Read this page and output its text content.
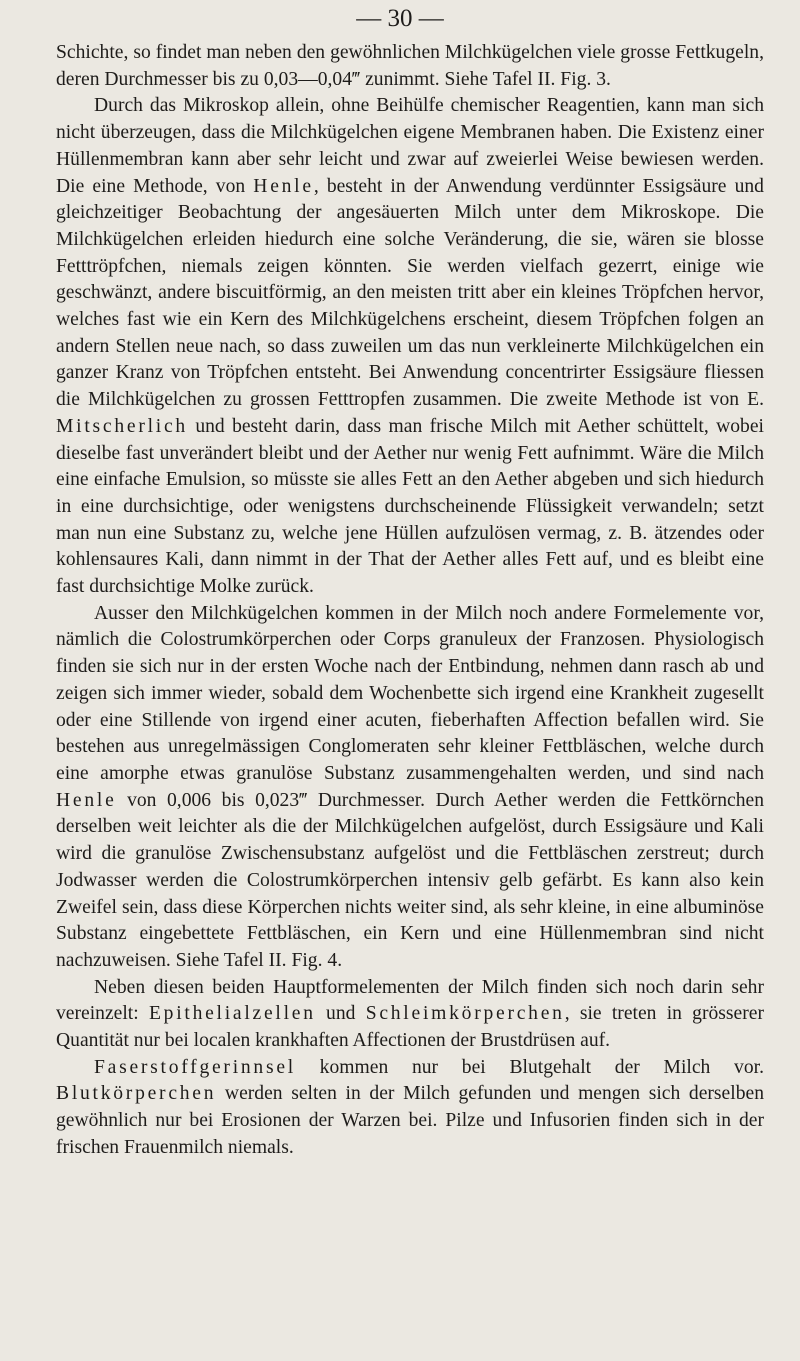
— 30 —

Schichte, so findet man neben den gewöhnlichen Milchkügelchen viele grosse Fettkugeln, deren Durchmesser bis zu 0,03—0,04‴ zunimmt. Siehe Tafel II. Fig. 3.

Durch das Mikroskop allein, ohne Beihülfe chemischer Reagentien, kann man sich nicht überzeugen, dass die Milchkügelchen eigene Membranen haben. Die Existenz einer Hüllenmembran kann aber sehr leicht und zwar auf zweierlei Weise bewiesen werden. Die eine Methode, von Henle, besteht in der Anwendung verdünnter Essigsäure und gleichzeitiger Beobachtung der angesäuerten Milch unter dem Mikroskope. Die Milchkügelchen erleiden hiedurch eine solche Veränderung, die sie, wären sie blosse Fetttröpfchen, niemals zeigen könnten. Sie werden vielfach gezerrt, einige wie geschwänzt, andere biscuitförmig, an den meisten tritt aber ein kleines Tröpfchen hervor, welches fast wie ein Kern des Milchkügelchens erscheint, diesem Tröpfchen folgen an andern Stellen neue nach, so dass zuweilen um das nun verkleinerte Milchkügelchen ein ganzer Kranz von Tröpfchen entsteht. Bei Anwendung concentrirter Essigsäure fliessen die Milchkügelchen zu grossen Fetttropfen zusammen. Die zweite Methode ist von E. Mitscherlich und besteht darin, dass man frische Milch mit Aether schüttelt, wobei dieselbe fast unverändert bleibt und der Aether nur wenig Fett aufnimmt. Wäre die Milch eine einfache Emulsion, so müsste sie alles Fett an den Aether abgeben und sich hiedurch in eine durchsichtige, oder wenigstens durchscheinende Flüssigkeit verwandeln; setzt man nun eine Substanz zu, welche jene Hüllen aufzulösen vermag, z. B. ätzendes oder kohlensaures Kali, dann nimmt in der That der Aether alles Fett auf, und es bleibt eine fast durchsichtige Molke zurück.

Ausser den Milchkügelchen kommen in der Milch noch andere Formelemente vor, nämlich die Colostrumkörperchen oder Corps granuleux der Franzosen. Physiologisch finden sie sich nur in der ersten Woche nach der Entbindung, nehmen dann rasch ab und zeigen sich immer wieder, sobald dem Wochenbette sich irgend eine Krankheit zugesellt oder eine Stillende von irgend einer acuten, fieberhaften Affection befallen wird. Sie bestehen aus unregelmässigen Conglomeraten sehr kleiner Fettbläschen, welche durch eine amorphe etwas granulöse Substanz zusammengehalten werden, und sind nach Henle von 0,006 bis 0,023‴ Durchmesser. Durch Aether werden die Fettkörnchen derselben weit leichter als die der Milchkügelchen aufgelöst, durch Essigsäure und Kali wird die granulöse Zwischensubstanz aufgelöst und die Fettbläschen zerstreut; durch Jodwasser werden die Colostrumkörperchen intensiv gelb gefärbt. Es kann also kein Zweifel sein, dass diese Körperchen nichts weiter sind, als sehr kleine, in eine albuminöse Substanz eingebettete Fettbläschen, ein Kern und eine Hüllenmembran sind nicht nachzuweisen. Siehe Tafel II. Fig. 4.

Neben diesen beiden Hauptformelementen der Milch finden sich noch darin sehr vereinzelt: Epithelialzellen und Schleimkörperchen, sie treten in grösserer Quantität nur bei localen krankhaften Affectionen der Brustdrüsen auf.

Faserstoffgerinnsel kommen nur bei Blutgehalt der Milch vor. Blutkörperchen werden selten in der Milch gefunden und mengen sich derselben gewöhnlich nur bei Erosionen der Warzen bei. Pilze und Infusorien finden sich in der frischen Frauenmilch niemals.
